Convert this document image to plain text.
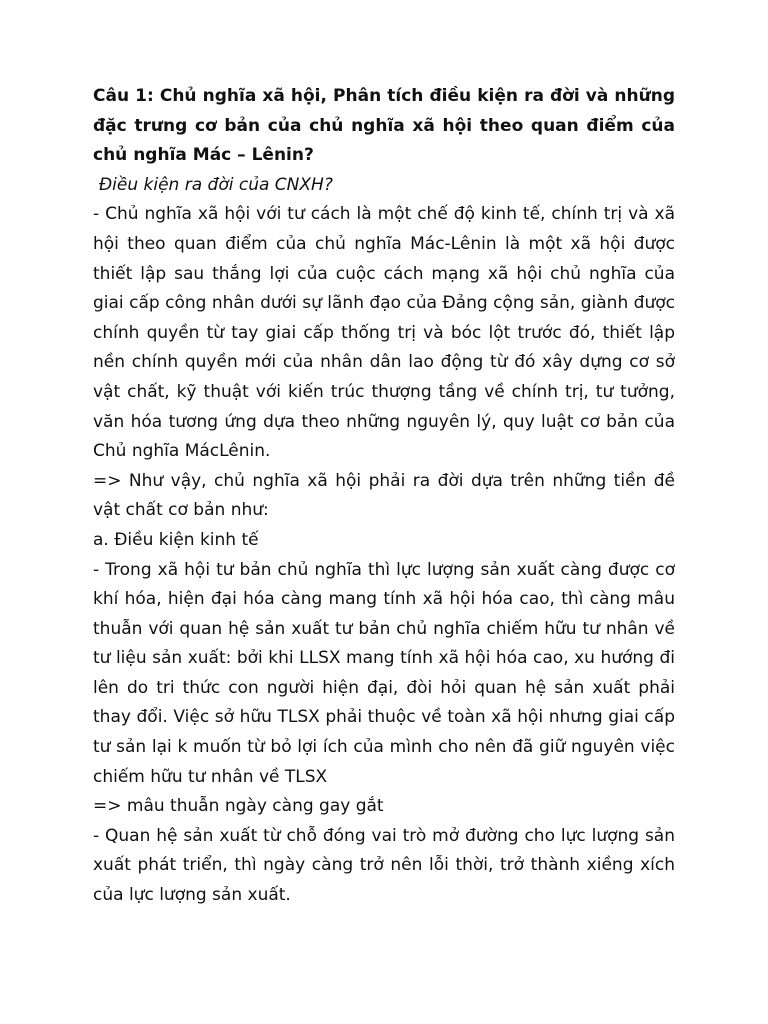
Câu 1: Chủ nghĩa xã hội, Phân tích điều kiện ra đời và những đặc trưng cơ bản của chủ nghĩa xã hội theo quan điểm của chủ nghĩa Mác – Lênin?

Điều kiện ra đời của CNXH?

- Chủ nghĩa xã hội với tư cách là một chế độ kinh tế, chính trị và xã hội theo quan điểm của chủ nghĩa Mác-Lênin là một xã hội được thiết lập sau thắng lợi của cuộc cách mạng xã hội chủ nghĩa của giai cấp công nhân dưới sự lãnh đạo của Đảng cộng sản, giành được chính quyền từ tay giai cấp thống trị và bóc lột trước đó, thiết lập nền chính quyền mới của nhân dân lao động từ đó xây dựng cơ sở vật chất, kỹ thuật với kiến trúc thượng tầng về chính trị, tư tưởng, văn hóa tương ứng dựa theo những nguyên lý, quy luật cơ bản của Chủ nghĩa MácLênin.

=> Như vậy, chủ nghĩa xã hội phải ra đời dựa trên những tiền đề vật chất cơ bản như:

a. Điều kiện kinh tế

- Trong xã hội tư bản chủ nghĩa thì lực lượng sản xuất càng được cơ khí hóa, hiện đại hóa càng mang tính xã hội hóa cao, thì càng mâu thuẫn với quan hệ sản xuất tư bản chủ nghĩa chiếm hữu tư nhân về tư liệu sản xuất: bởi khi LLSX mang tính xã hội hóa cao, xu hướng đi lên do tri thức con người hiện đại, đòi hỏi quan hệ sản xuất phải thay đổi. Việc sở hữu TLSX phải thuộc về toàn xã hội nhưng giai cấp tư sản lại k muốn từ bỏ lợi ích của mình cho nên đã giữ nguyên việc chiếm hữu tư nhân về TLSX

=> mâu thuẫn ngày càng gay gắt

- Quan hệ sản xuất từ chỗ đóng vai trò mở đường cho lực lượng sản xuất phát triển, thì ngày càng trở nên lỗi thời, trở thành xiềng xích của lực lượng sản xuất.
